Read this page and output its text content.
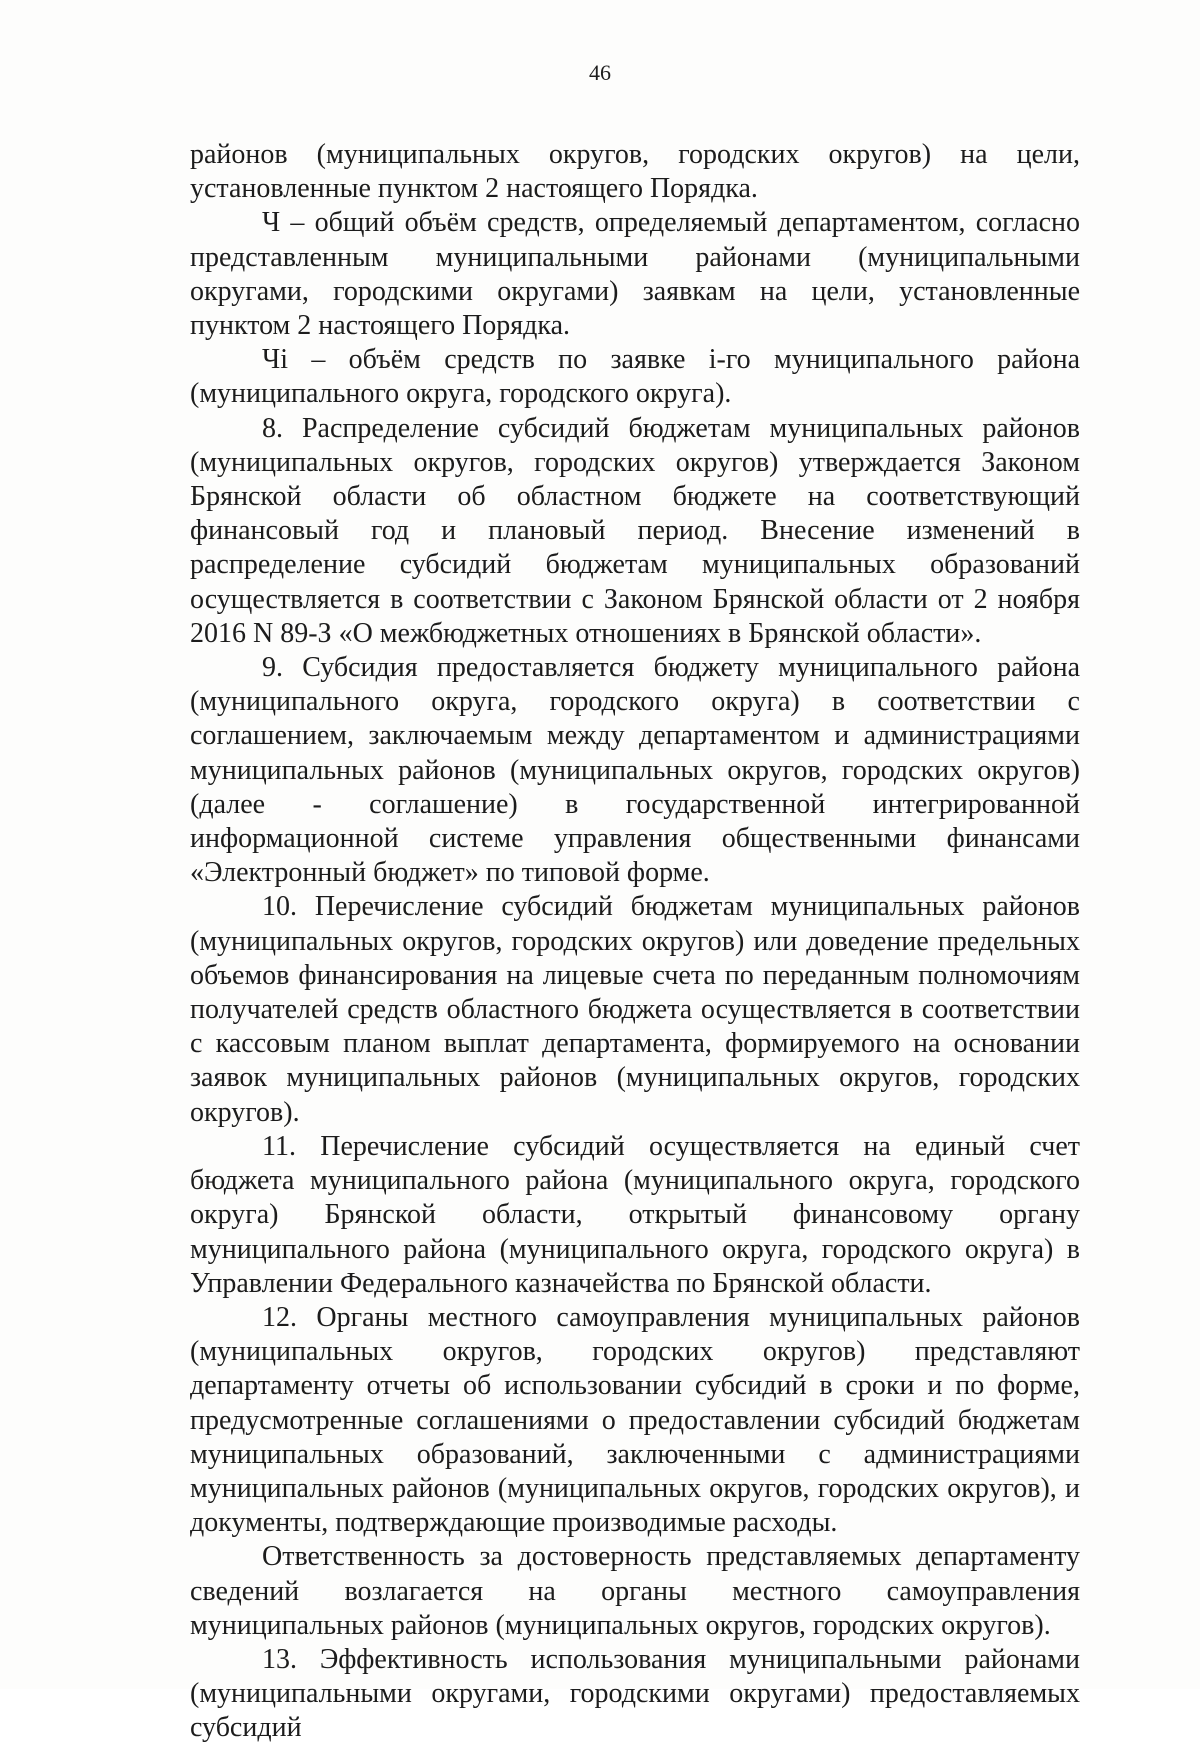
46

районов (муниципальных округов, городских округов) на цели, установленные пунктом 2 настоящего Порядка.

Ч – общий объём средств, определяемый департаментом, согласно представленным муниципальными районами (муниципальными округами, городскими округами) заявкам на цели, установленные пунктом 2 настоящего Порядка.

Чi – объём средств по заявке i-го муниципального района (муниципального округа, городского округа).

8. Распределение субсидий бюджетам муниципальных районов (муниципальных округов, городских округов) утверждается Законом Брянской области об областном бюджете на соответствующий финансовый год и плановый период. Внесение изменений в распределение субсидий бюджетам муниципальных образований осуществляется в соответствии с Законом Брянской области от 2 ноября 2016 N 89-З «О межбюджетных отношениях в Брянской области».

9. Субсидия предоставляется бюджету муниципального района (муниципального округа, городского округа) в соответствии с соглашением, заключаемым между департаментом и администрациями муниципальных районов (муниципальных округов, городских округов) (далее - соглашение) в государственной интегрированной информационной системе управления общественными финансами «Электронный бюджет» по типовой форме.

10. Перечисление субсидий бюджетам муниципальных районов (муниципальных округов, городских округов) или доведение предельных объемов финансирования на лицевые счета по переданным полномочиям получателей средств областного бюджета осуществляется в соответствии с кассовым планом выплат департамента, формируемого на основании заявок муниципальных районов (муниципальных округов, городских округов).

11. Перечисление субсидий осуществляется на единый счет бюджета муниципального района (муниципального округа, городского округа) Брянской области, открытый финансовому органу муниципального района (муниципального округа, городского округа) в Управлении Федерального казначейства по Брянской области.

12. Органы местного самоуправления муниципальных районов (муниципальных округов, городских округов) представляют департаменту отчеты об использовании субсидий в сроки и по форме, предусмотренные соглашениями о предоставлении субсидий бюджетам муниципальных образований, заключенными с администрациями муниципальных районов (муниципальных округов, городских округов), и документы, подтверждающие производимые расходы.

Ответственность за достоверность представляемых департаменту сведений возлагается на органы местного самоуправления муниципальных районов (муниципальных округов, городских округов).

13. Эффективность использования муниципальными районами (муниципальными округами, городскими округами) предоставляемых субсидий
